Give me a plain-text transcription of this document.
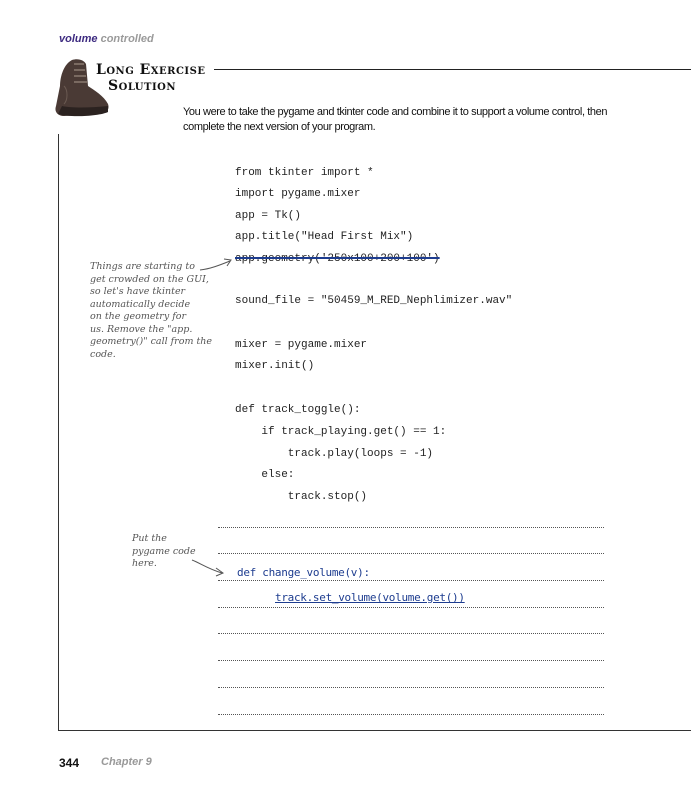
volume controlled
Long Exercise
Solution
You were to take the pygame and tkinter code and combine it to support a volume control, then complete the next version of your program.
from tkinter import *
import pygame.mixer
app = Tk()
app.title("Head First Mix")
app.geometry('250x100+200+100')
sound_file = "50459_M_RED_Nephlimizer.wav"
mixer = pygame.mixer
mixer.init()
def track_toggle():
if track_playing.get() == 1:
track.play(loops = -1)
else:
track.stop()
Things are starting to
get crowded on the GUI,
so let's have tkinter
automatically decide
on the geometry for
us. Remove the "app.
geometry()" call from the
code.
Put the
pygame code
here.
def change_volume(v):
track.set_volume(volume.get())
344 Chapter 9
